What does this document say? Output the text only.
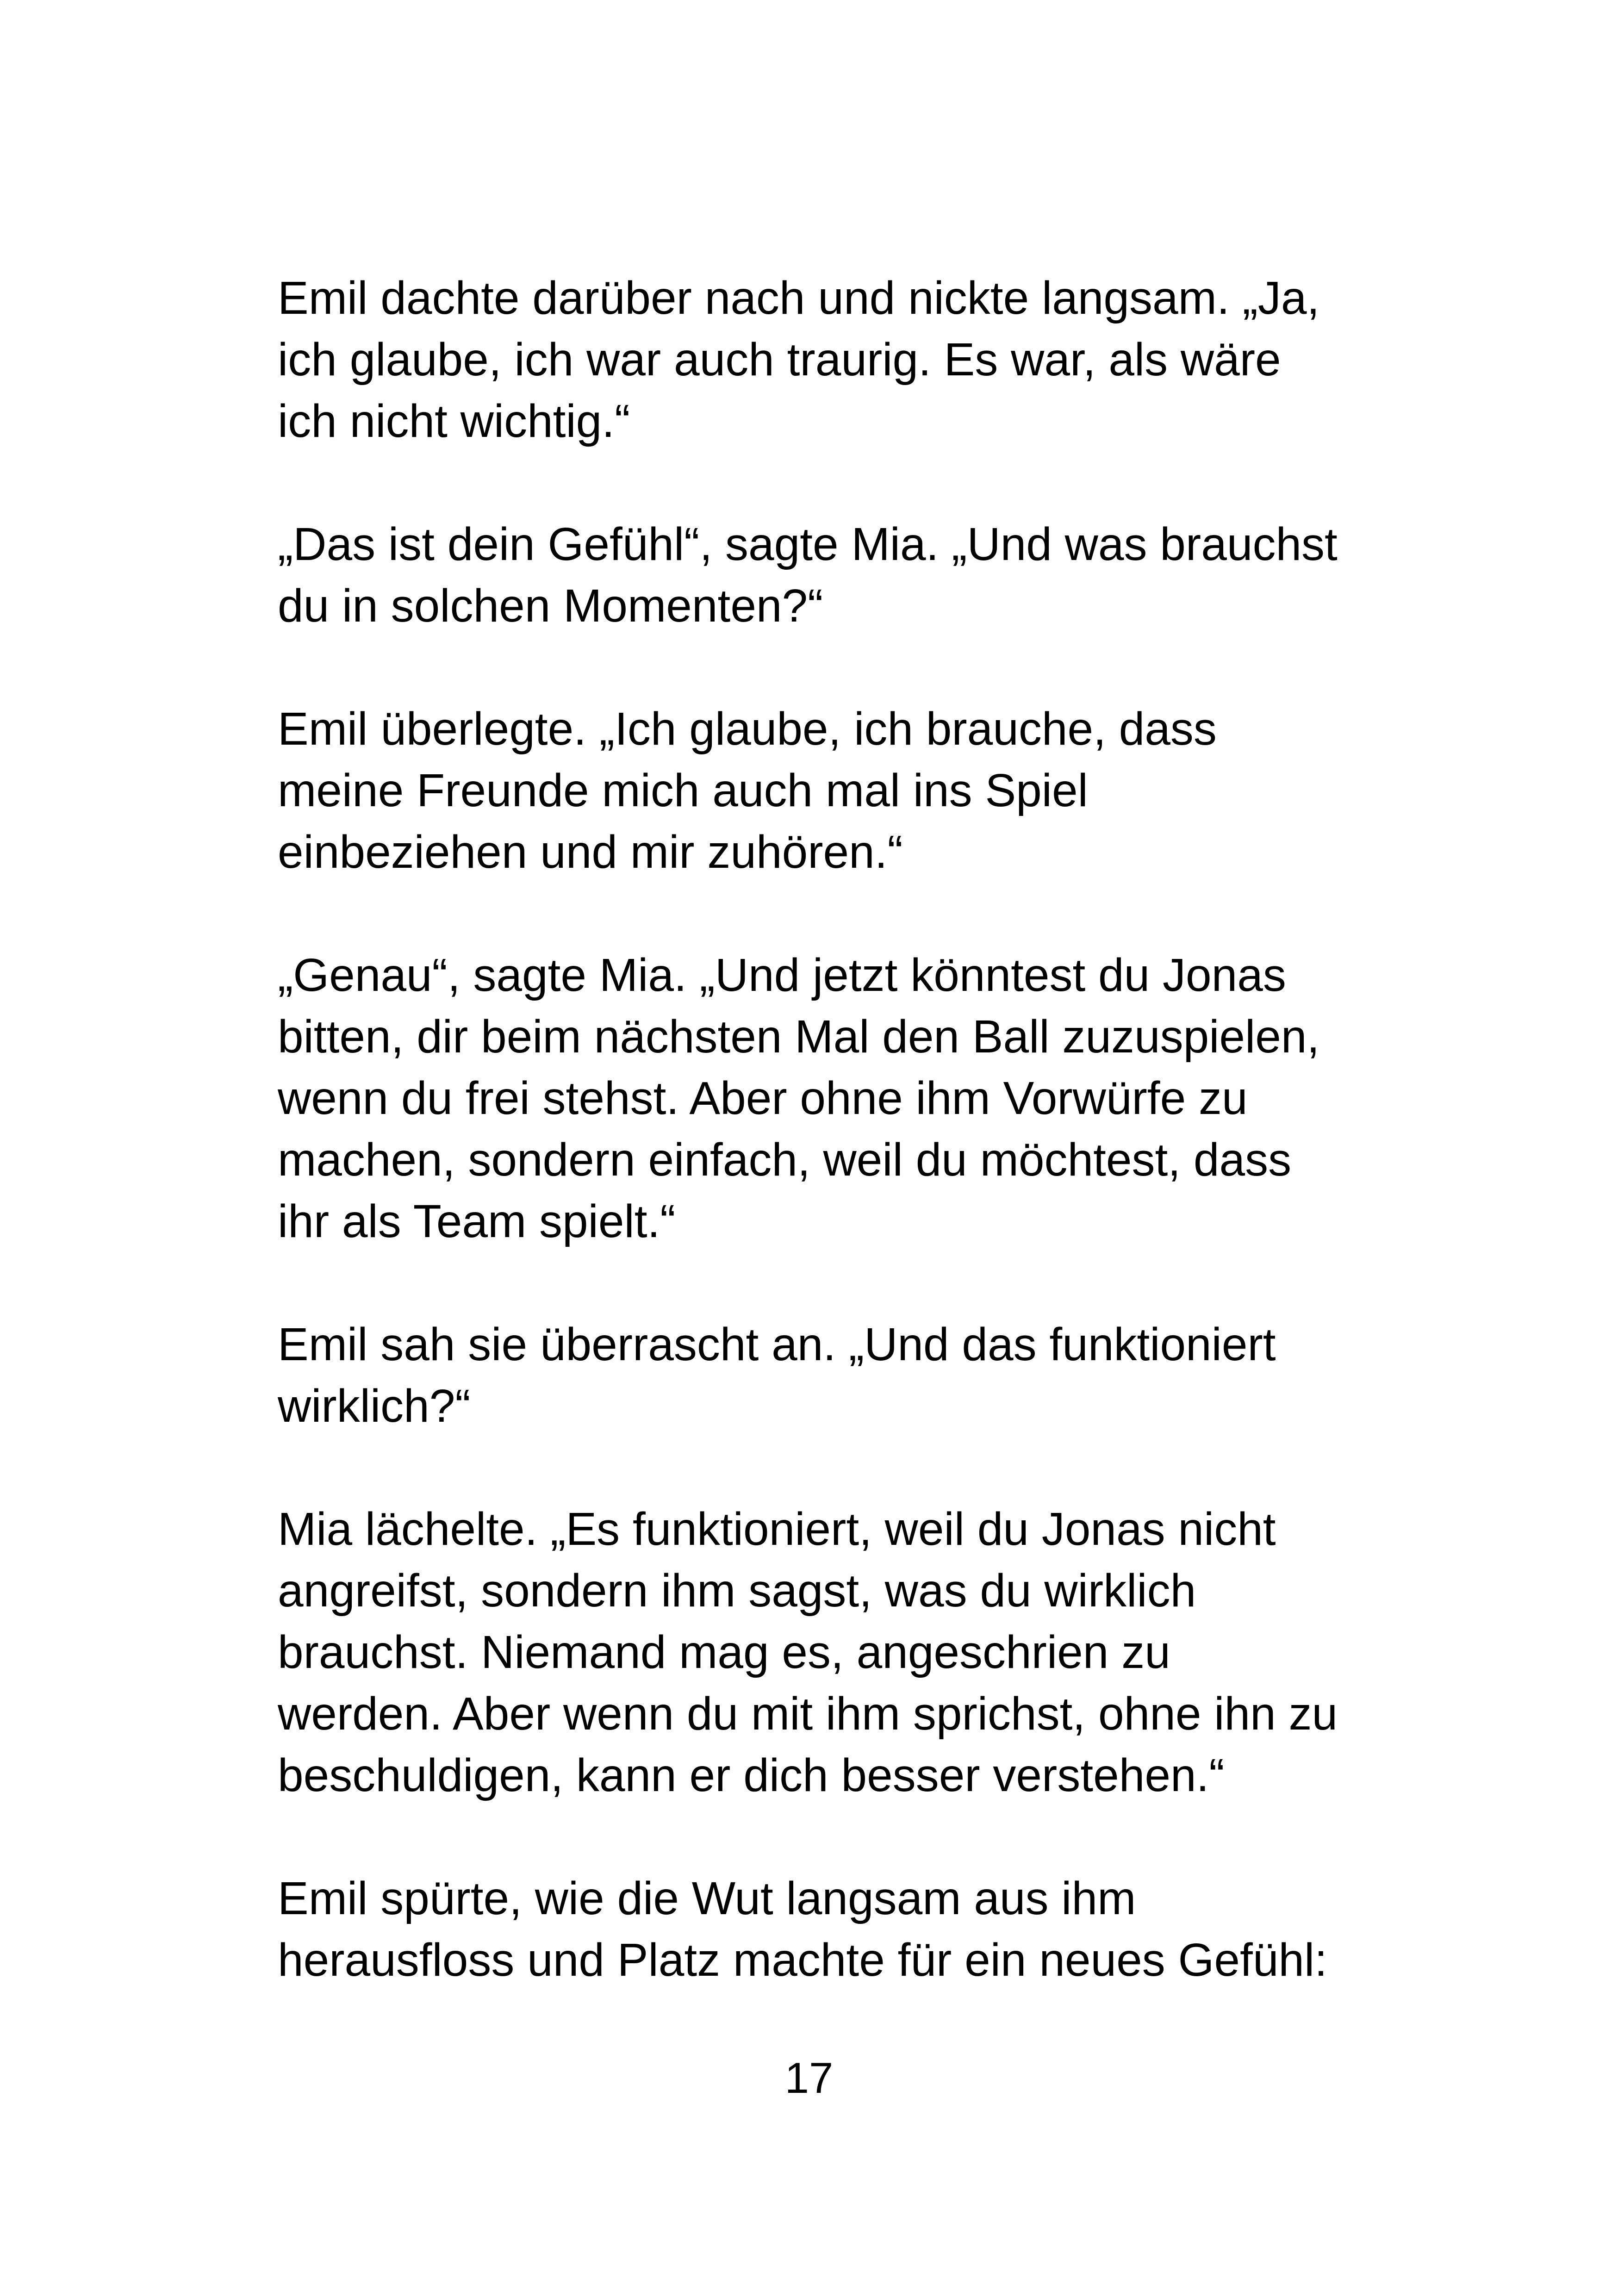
Emil dachte darüber nach und nickte langsam. „Ja,
ich glaube, ich war auch traurig. Es war, als wäre
ich nicht wichtig.“
„Das ist dein Gefühl“, sagte Mia. „Und was brauchst
du in solchen Momenten?“
Emil überlegte. „Ich glaube, ich brauche, dass
meine Freunde mich auch mal ins Spiel
einbeziehen und mir zuhören.“
„Genau“, sagte Mia. „Und jetzt könntest du Jonas
bitten, dir beim nächsten Mal den Ball zuzuspielen,
wenn du frei stehst. Aber ohne ihm Vorwürfe zu
machen, sondern einfach, weil du möchtest, dass
ihr als Team spielt.“
Emil sah sie überrascht an. „Und das funktioniert
wirklich?“
Mia lächelte. „Es funktioniert, weil du Jonas nicht
angreifst, sondern ihm sagst, was du wirklich
brauchst. Niemand mag es, angeschrien zu
werden. Aber wenn du mit ihm sprichst, ohne ihn zu
beschuldigen, kann er dich besser verstehen.“
Emil spürte, wie die Wut langsam aus ihm
herausfloss und Platz machte für ein neues Gefühl:
17
